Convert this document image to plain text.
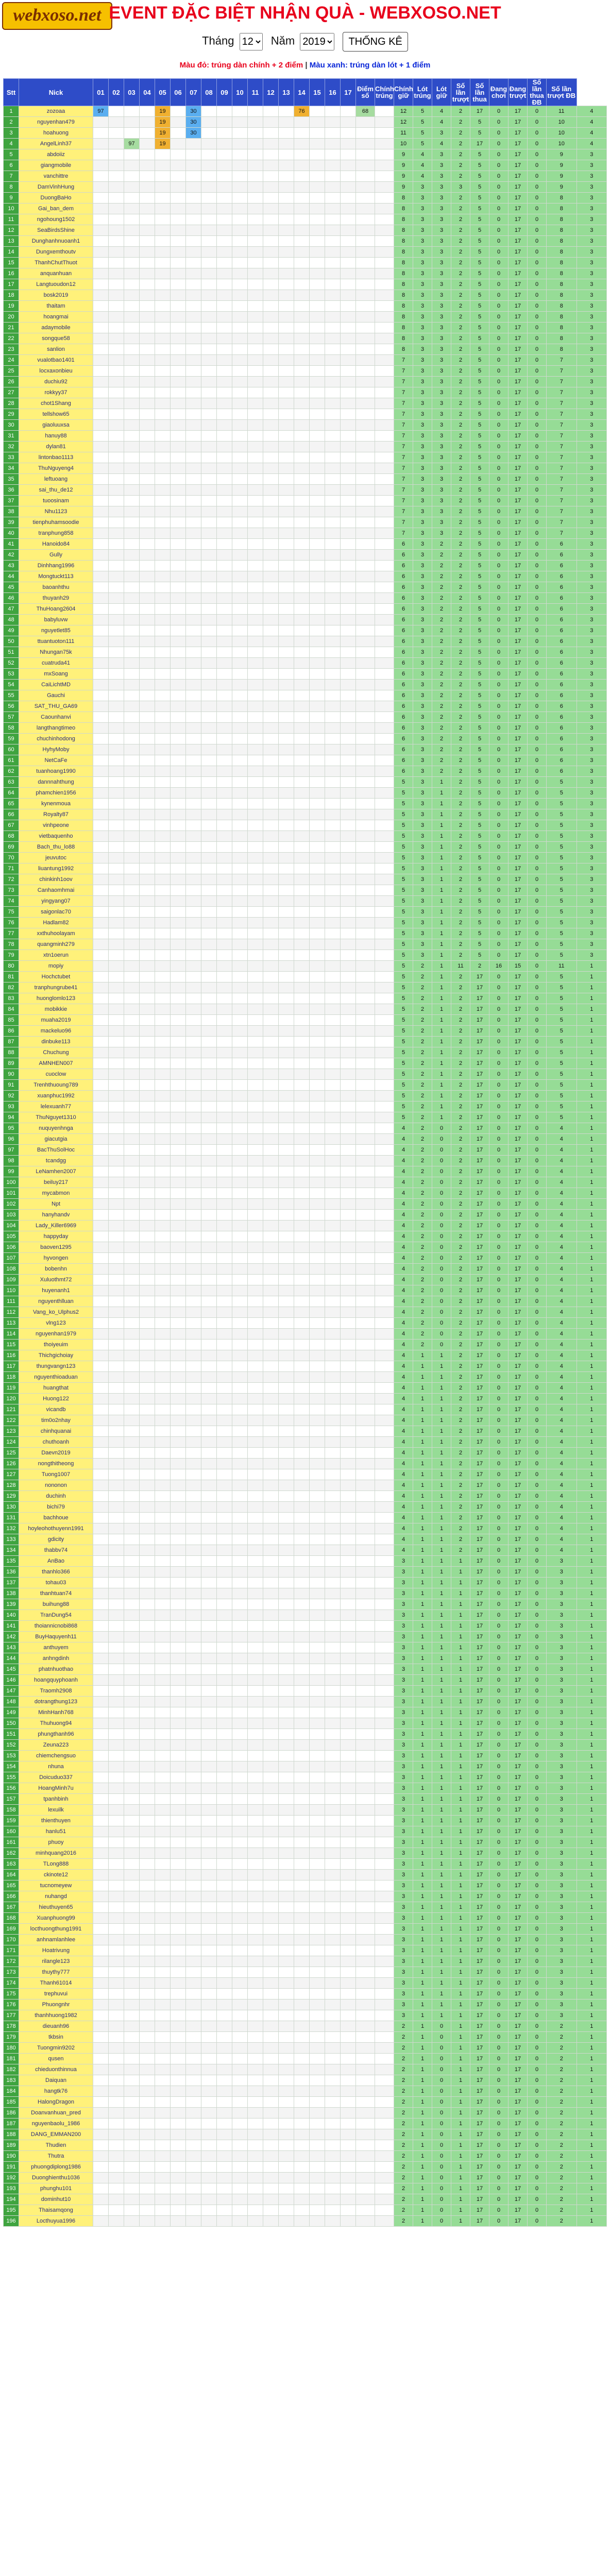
webxoso.net EVENT ĐẶC BIỆT NHẬN QUÀ - WEBXOSO.NET
Tháng
12	Năm
2019	THỐNG KÊ
Màu đỏ: trúng dàn chính + 2 điểm | Màu xanh: trúng dàn lót + 1 điểm
Stt	Nick	01	02	03	04	05	06	07	08	09	10	11	12	13	14	15	16	17	Điểm số	Chính trúng	Chính giữ	Lót trúng	Lót giữ	Số lần trượt	Số lần thua	Đang chơi	Đang trượt	Số lần thua ĐB	Số lần trượt ĐB	
1	zozoaa	97				19		30							76				68		12	5	4	2	17	0	17	0	11	4
2	nguyenhan479					19		30													12	5	4	2	5	0	17	0	10	4
3	hoahuong					19		30													11	5	3	2	5	0	17	0	10	4
4	AngelLinh37			97		19															10	5	4	2	17	0	17	0	10	4
5	abdoiiz																				9	4	3	2	5	0	17	0	9	3
6	giangmobile																				9	4	3	2	5	0	17	0	9	3
7	vanchittre																				9	4	3	2	5	0	17	0	9	3
8	DamVinhHung																				9	3	3	3	5	0	17	0	9	3
9	DuongBaHo																				8	3	3	2	5	0	17	0	8	3
10	Gai_ban_dem																				8	3	3	2	5	0	17	0	8	3
11	ngohoung1502																				8	3	3	2	5	0	17	0	8	3
12	SeaBirdsShine																				8	3	3	2	5	0	17	0	8	3
13	Dunghanhnuoanh1																				8	3	3	2	5	0	17	0	8	3
14	Dungxemthoutv																				8	3	3	2	5	0	17	0	8	3
15	ThanhChutThuot																				8	3	3	2	5	0	17	0	8	3
16	anquanhuan																				8	3	3	2	5	0	17	0	8	3
17	Langtuoudon12																				8	3	3	2	5	0	17	0	8	3
18	bosk2019																				8	3	3	2	5	0	17	0	8	3
19	thaitam																				8	3	3	2	5	0	17	0	8	3
20	hoangmai																				8	3	3	2	5	0	17	0	8	3
21	adaymobile																				8	3	3	2	5	0	17	0	8	3
22	songque58																				8	3	3	2	5	0	17	0	8	3
23	sanlion																				8	3	3	2	5	0	17	0	8	3
24	vualotbao1401																				7	3	3	2	5	0	17	0	7	3
25	locxaxonbieu																				7	3	3	2	5	0	17	0	7	3
26	duchiu92																				7	3	3	2	5	0	17	0	7	3
27	rokkyy37																				7	3	3	2	5	0	17	0	7	3
28	chot1Shang																				7	3	3	2	5	0	17	0	7	3
29	tellshow65																				7	3	3	2	5	0	17	0	7	3
30	giaoluuxsa																				7	3	3	2	5	0	17	0	7	3
31	hanuy88																				7	3	3	2	5	0	17	0	7	3
32	dylan81																				7	3	3	2	5	0	17	0	7	3
33	lintonbao1113																				7	3	3	2	5	0	17	0	7	3
34	ThuNguyeng4																				7	3	3	2	5	0	17	0	7	3
35	leftuoang																				7	3	3	2	5	0	17	0	7	3
36	sai_thu_de12																				7	3	3	2	5	0	17	0	7	3
37	tuoosinam																				7	3	3	2	5	0	17	0	7	3
38	Nhu1123																				7	3	3	2	5	0	17	0	7	3
39	tienphuhamsoodie																				7	3	3	2	5	0	17	0	7	3
40	tranphung858																				7	3	3	2	5	0	17	0	7	3
41	Hanoido84																				6	3	2	2	5	0	17	0	6	3
42	Gully																				6	3	2	2	5	0	17	0	6	3
43	Dinhhang1996																				6	3	2	2	5	0	17	0	6	3
44	Mongtuckt113																				6	3	2	2	5	0	17	0	6	3
45	baoanhthu																				6	3	2	2	5	0	17	0	6	3
46	thuyanh29																				6	3	2	2	5	0	17	0	6	3
47	ThuHoang2604																				6	3	2	2	5	0	17	0	6	3
48	babyluvw																				6	3	2	2	5	0	17	0	6	3
49	nguyetlet85																				6	3	2	2	5	0	17	0	6	3
50	ttuantuoton111																				6	3	2	2	5	0	17	0	6	3
51	Nhungan75k																				6	3	2	2	5	0	17	0	6	3
52	cuatruda41																				6	3	2	2	5	0	17	0	6	3
53	mxSoang																				6	3	2	2	5	0	17	0	6	3
54	CaiLichtMD																				6	3	2	2	5	0	17	0	6	3
55	Gauchi																				6	3	2	2	5	0	17	0	6	3
56	SAT_THU_GA69																				6	3	2	2	5	0	17	0	6	3
57	Caounhanvi																				6	3	2	2	5	0	17	0	6	3
58	langthangtimeo																				6	3	2	2	5	0	17	0	6	3
59	chuchinhodong																				6	3	2	2	5	0	17	0	6	3
60	HyhyMoby																				6	3	2	2	5	0	17	0	6	3
61	NetCaFe																				6	3	2	2	5	0	17	0	6	3
62	tuanhoang1990																				6	3	2	2	5	0	17	0	6	3
63	dannnahthung																				5	3	1	2	5	0	17	0	5	3
64	phamchien1956																				5	3	1	2	5	0	17	0	5	3
65	kynenmoua																				5	3	1	2	5	0	17	0	5	3
66	Royalty87																				5	3	1	2	5	0	17	0	5	3
67	vinhpeone																				5	3	1	2	5	0	17	0	5	3
68	vietbaquenho																				5	3	1	2	5	0	17	0	5	3
69	Bach_thu_lo88																				5	3	1	2	5	0	17	0	5	3
70	jeuvutoc																				5	3	1	2	5	0	17	0	5	3
71	liuantung1992																				5	3	1	2	5	0	17	0	5	3
72	chinkinh1oov																				5	3	1	2	5	0	17	0	5	3
73	Canhaomhmai																				5	3	1	2	5	0	17	0	5	3
74	yingyang07																				5	3	1	2	5	0	17	0	5	3
75	saigonlac70																				5	3	1	2	5	0	17	0	5	3
76	Hadlam82																				5	3	1	2	5	0	17	0	5	3
77	xxthuhoolayam																				5	3	1	2	5	0	17	0	5	3
78	quangminh279																				5	3	1	2	5	0	17	0	5	3
79	xtn1oerun																				5	3	1	2	5	0	17	0	5	3
80	mopiy																				5	2	1	11	2	16	15	0	11	1
81	Hochctubet																				5	2	1	2	17	0	17	0	5	1
82	tranphungrube41																				5	2	1	2	17	0	17	0	5	1
83	huonglomlo123																				5	2	1	2	17	0	17	0	5	1
84	mobikkie																				5	2	1	2	17	0	17	0	5	1
85	muaha2019																				5	2	1	2	17	0	17	0	5	1
86	mackeluo96																				5	2	1	2	17	0	17	0	5	1
87	dinbuke113																				5	2	1	2	17	0	17	0	5	1
88	Chuchung																				5	2	1	2	17	0	17	0	5	1
89	AMNHEN007																				5	2	1	2	17	0	17	0	5	1
90	cuoclow																				5	2	1	2	17	0	17	0	5	1
91	Trenhthuoung789																				5	2	1	2	17	0	17	0	5	1
92	xuanphuc1992																				5	2	1	2	17	0	17	0	5	1
93	lelexuanh77																				5	2	1	2	17	0	17	0	5	1
94	ThuNguyet1310																				5	2	1	2	17	0	17	0	5	1
95	nuquyenhnga																				4	2	0	2	17	0	17	0	4	1
96	giacutgia																				4	2	0	2	17	0	17	0	4	1
97	BacThuSolHoc																				4	2	0	2	17	0	17	0	4	1
98	tcandgg																				4	2	0	2	17	0	17	0	4	1
99	LeNamhen2007																				4	2	0	2	17	0	17	0	4	1
100	beiluy217																				4	2	0	2	17	0	17	0	4	1
101	mycabmon																				4	2	0	2	17	0	17	0	4	1
102	Npt																				4	2	0	2	17	0	17	0	4	1
103	hanyhandv																				4	2	0	2	17	0	17	0	4	1
104	Lady_Killer6969																				4	2	0	2	17	0	17	0	4	1
105	happyday																				4	2	0	2	17	0	17	0	4	1
106	baoven1295																				4	2	0	2	17	0	17	0	4	1
107	hyvongen																				4	2	0	2	17	0	17	0	4	1
108	bobenhn																				4	2	0	2	17	0	17	0	4	1
109	Xuluothmt72																				4	2	0	2	17	0	17	0	4	1
110	huyenanh1																				4	2	0	2	17	0	17	0	4	1
111	nguyenthlluan																				4	2	0	2	17	0	17	0	4	1
112	Vang_ko_Ulphus2																				4	2	0	2	17	0	17	0	4	1
113	vlng123																				4	2	0	2	17	0	17	0	4	1
114	nguyenhan1979																				4	2	0	2	17	0	17	0	4	1
115	thoiyeuim																				4	2	0	2	17	0	17	0	4	1
116	Thichgichoiay																				4	1	1	2	17	0	17	0	4	1
117	thungvangn123																				4	1	1	2	17	0	17	0	4	1
118	nguyenthioaduan																				4	1	1	2	17	0	17	0	4	1
119	huangthat																				4	1	1	2	17	0	17	0	4	1
120	Huong122																				4	1	1	2	17	0	17	0	4	1
121	vicandb																				4	1	1	2	17	0	17	0	4	1
122	tim0o2nhay																				4	1	1	2	17	0	17	0	4	1
123	chinhquanai																				4	1	1	2	17	0	17	0	4	1
124	chuthoanh																				4	1	1	2	17	0	17	0	4	1
125	Daevn2019																				4	1	1	2	17	0	17	0	4	1
126	nongthitheong																				4	1	1	2	17	0	17	0	4	1
127	Tuong1007																				4	1	1	2	17	0	17	0	4	1
128	nononon																				4	1	1	2	17	0	17	0	4	1
129	duchinh																				4	1	1	2	17	0	17	0	4	1
130	bichi79																				4	1	1	2	17	0	17	0	4	1
131	bachhoue																				4	1	1	2	17	0	17	0	4	1
132	hoyleohothuyenn1991																				4	1	1	2	17	0	17	0	4	1
133	gdicity																				4	1	1	2	17	0	17	0	4	1
134	thabbv74																				4	1	1	2	17	0	17	0	4	1
135	AnBao																				3	1	1	1	17	0	17	0	3	1
136	thanhlo366																				3	1	1	1	17	0	17	0	3	1
137	tohau03																				3	1	1	1	17	0	17	0	3	1
138	thanhtuan74																				3	1	1	1	17	0	17	0	3	1
139	buihung88																				3	1	1	1	17	0	17	0	3	1
140	TranDung54																				3	1	1	1	17	0	17	0	3	1
141	thoiannicnobi868																				3	1	1	1	17	0	17	0	3	1
142	BuyHaquyenh11																				3	1	1	1	17	0	17	0	3	1
143	anthuyem																				3	1	1	1	17	0	17	0	3	1
144	anhngdinh																				3	1	1	1	17	0	17	0	3	1
145	phatnhuothao																				3	1	1	1	17	0	17	0	3	1
146	hoangquyphoanh																				3	1	1	1	17	0	17	0	3	1
147	Traomh2908																				3	1	1	1	17	0	17	0	3	1
148	dotrangthung123																				3	1	1	1	17	0	17	0	3	1
149	MinhHanh768																				3	1	1	1	17	0	17	0	3	1
150	Thuhuong94																				3	1	1	1	17	0	17	0	3	1
151	phungthanh96																				3	1	1	1	17	0	17	0	3	1
152	Zeuna223																				3	1	1	1	17	0	17	0	3	1
153	chiemchengsuo																				3	1	1	1	17	0	17	0	3	1
154	nhuna																				3	1	1	1	17	0	17	0	3	1
155	Doicuduo337																				3	1	1	1	17	0	17	0	3	1
156	HoangMinh7u																				3	1	1	1	17	0	17	0	3	1
157	tpanhbinh																				3	1	1	1	17	0	17	0	3	1
158	lexuilk																				3	1	1	1	17	0	17	0	3	1
159	thienthuyen																				3	1	1	1	17	0	17	0	3	1
160	hanlu51																				3	1	1	1	17	0	17	0	3	1
161	phuoy																				3	1	1	1	17	0	17	0	3	1
162	minhquang2016																				3	1	1	1	17	0	17	0	3	1
163	TLong888																				3	1	1	1	17	0	17	0	3	1
164	ckinote12																				3	1	1	1	17	0	17	0	3	1
165	tucnomeyew																				3	1	1	1	17	0	17	0	3	1
166	nuhangd																				3	1	1	1	17	0	17	0	3	1
167	hieuthuyen65																				3	1	1	1	17	0	17	0	3	1
168	Xuanphuong99																				3	1	1	1	17	0	17	0	3	1
169	locthuongthung1991																				3	1	1	1	17	0	17	0	3	1
170	anhnamlanhlee																				3	1	1	1	17	0	17	0	3	1
171	Hoatrivung																				3	1	1	1	17	0	17	0	3	1
172	rilangle123																				3	1	1	1	17	0	17	0	3	1
173	thuythy777																				3	1	1	1	17	0	17	0	3	1
174	Thanh61014																				3	1	1	1	17	0	17	0	3	1
175	trephuvui																				3	1	1	1	17	0	17	0	3	1
176	Phuongnhr																				3	1	1	1	17	0	17	0	3	1
177	thanhhuong1982																				3	1	1	1	17	0	17	0	3	1
178	dieuanh96																				2	1	0	1	17	0	17	0	2	1
179	tkbsin																				2	1	0	1	17	0	17	0	2	1
180	Tuongmin9202																				2	1	0	1	17	0	17	0	2	1
181	qusen																				2	1	0	1	17	0	17	0	2	1
182	chieduonthinnua																				2	1	0	1	17	0	17	0	2	1
183	Daiquan																				2	1	0	1	17	0	17	0	2	1
184	hangtk76																				2	1	0	1	17	0	17	0	2	1
185	HalongDragon																				2	1	0	1	17	0	17	0	2	1
186	Doanvanhuan_pred																				2	1	0	1	17	0	17	0	2	1
187	nguyenbaolu_1986																				2	1	0	1	17	0	17	0	2	1
188	DANG_EMMAN200																				2	1	0	1	17	0	17	0	2	1
189	Thudien																				2	1	0	1	17	0	17	0	2	1
190	Thutra																				2	1	0	1	17	0	17	0	2	1
191	phuongdiplong1986																				2	1	0	1	17	0	17	0	2	1
192	Duonghienthu1036																				2	1	0	1	17	0	17	0	2	1
193	phunghu101																				2	1	0	1	17	0	17	0	2	1
194	dominhut10																				2	1	0	1	17	0	17	0	2	1
195	Thaisamqong																				2	1	0	1	17	0	17	0	2	1
196	Locthuyua1996																				2	1	0	1	17	0	17	0	2	1
